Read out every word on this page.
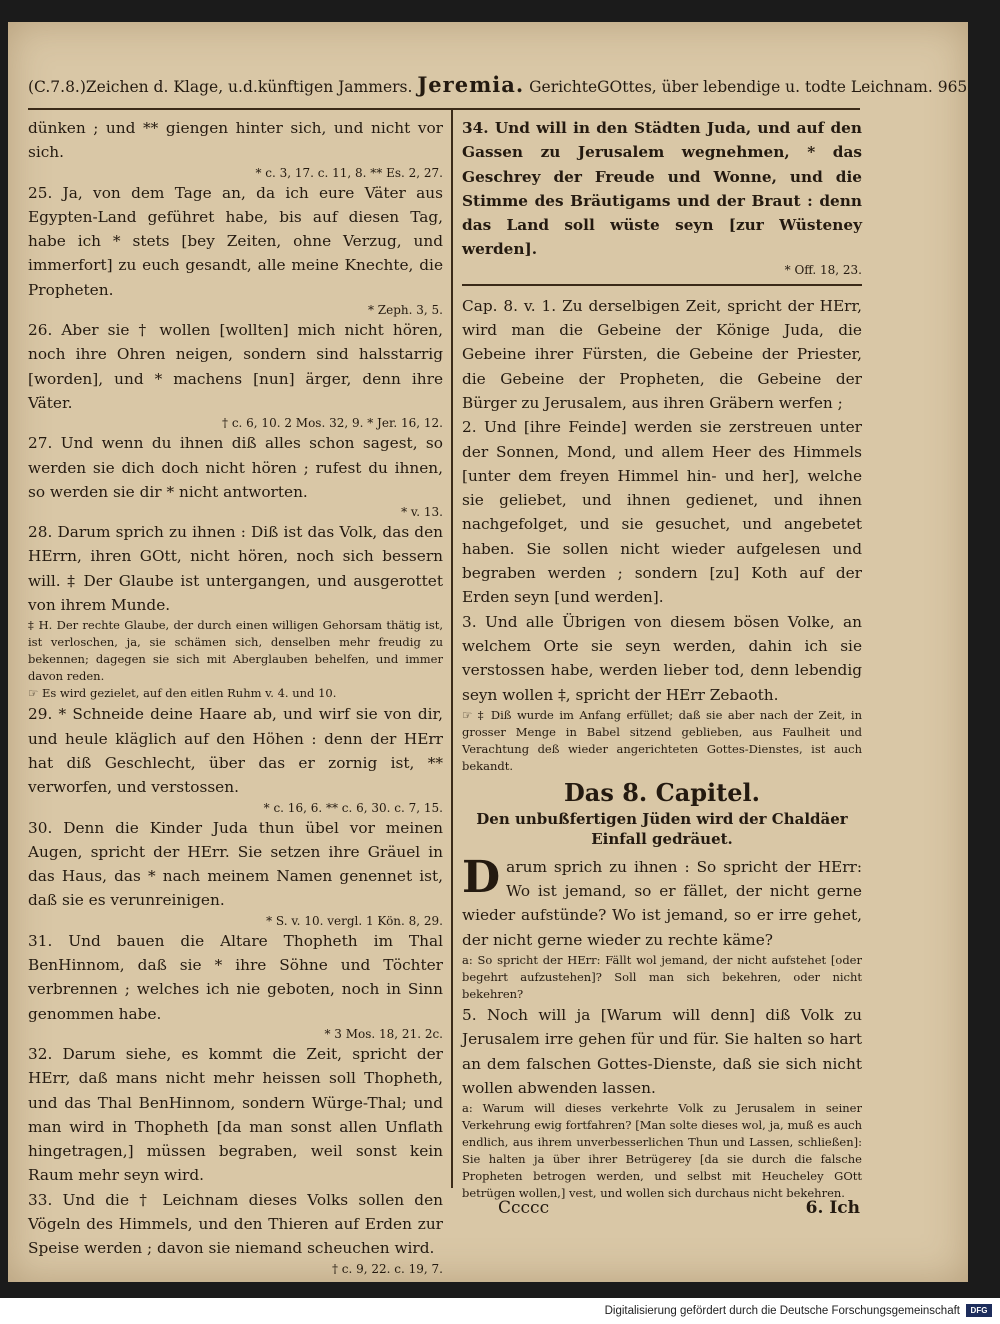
(C.7.8.)Zeichen d. Klage, u.d.künftigen Jammers. Jeremia. GerichteGOttes, über lebendige u. todte Leichnam. 965

dünken ; und ** giengen hinter sich, und nicht vor sich.

* c. 3, 17. c. 11, 8. ** Es. 2, 27.

25. Ja, von dem Tage an, da ich eure Väter aus Egypten-Land geführet habe, bis auf diesen Tag, habe ich * stets [bey Zeiten, ohne Verzug, und immerfort] zu euch gesandt, alle meine Knechte, die Propheten.

* Zeph. 3, 5.

26. Aber sie † wollen [wollten] mich nicht hören, noch ihre Ohren neigen, sondern sind halsstarrig [worden], und * machens [nun] ärger, denn ihre Väter.

† c. 6, 10. 2 Mos. 32, 9. * Jer. 16, 12.

27. Und wenn du ihnen diß alles schon sagest, so werden sie dich doch nicht hören ; rufest du ihnen, so werden sie dir * nicht antworten.

* v. 13.

28. Darum sprich zu ihnen : Diß ist das Volk, das den HErrn, ihren GOtt, nicht hören, noch sich bessern will. ‡ Der Glaube ist untergangen, und ausgerottet von ihrem Munde.

‡ H. Der rechte Glaube, der durch einen willigen Gehorsam thätig ist, ist verloschen, ja, sie schämen sich, denselben mehr freudig zu bekennen; dagegen sie sich mit Aberglauben behelfen, und immer davon reden.

☞ Es wird gezielet, auf den eitlen Ruhm v. 4. und 10.

29. * Schneide deine Haare ab, und wirf sie von dir, und heule kläglich auf den Höhen : denn der HErr hat diß Geschlecht, über das er zornig ist, ** verworfen, und verstossen.

* c. 16, 6. ** c. 6, 30. c. 7, 15.

30. Denn die Kinder Juda thun übel vor meinen Augen, spricht der HErr. Sie setzen ihre Gräuel in das Haus, das * nach meinem Namen genennet ist, daß sie es verunreinigen.

* S. v. 10. vergl. 1 Kön. 8, 29.

31. Und bauen die Altare Thopheth im Thal BenHinnom, daß sie * ihre Söhne und Töchter verbrennen ; welches ich nie geboten, noch in Sinn genommen habe.

* 3 Mos. 18, 21. 2c.

32. Darum siehe, es kommt die Zeit, spricht der HErr, daß mans nicht mehr heissen soll Thopheth, und das Thal BenHinnom, sondern Würge-Thal; und man wird in Thopheth [da man sonst allen Unflath hingetragen,] müssen begraben, weil sonst kein Raum mehr seyn wird.

33. Und die † Leichnam dieses Volks sollen den Vögeln des Himmels, und den Thieren auf Erden zur Speise werden ; davon sie niemand scheuchen wird.

† c. 9, 22. c. 19, 7.

34. Und will in den Städten Juda, und auf den Gassen zu Jerusalem wegnehmen, * das Geschrey der Freude und Wonne, und die Stimme des Bräutigams und der Braut : denn das Land soll wüste seyn [zur Wüsteney werden].

* Off. 18, 23.

Cap. 8. v. 1. Zu derselbigen Zeit, spricht der HErr, wird man die Gebeine der Könige Juda, die Gebeine ihrer Fürsten, die Gebeine der Priester, die Gebeine der Propheten, die Gebeine der Bürger zu Jerusalem, aus ihren Gräbern werfen ;

2. Und [ihre Feinde] werden sie zerstreuen unter der Sonnen, Mond, und allem Heer des Himmels [unter dem freyen Himmel hin- und her], welche sie geliebet, und ihnen gedienet, und ihnen nachgefolget, und sie gesuchet, und angebetet haben. Sie sollen nicht wieder aufgelesen und begraben werden ; sondern [zu] Koth auf der Erden seyn [und werden].

3. Und alle Übrigen von diesem bösen Volke, an welchem Orte sie seyn werden, dahin ich sie verstossen habe, werden lieber tod, denn lebendig seyn wollen ‡, spricht der HErr Zebaoth.

☞ ‡ Diß wurde im Anfang erfüllet; daß sie aber nach der Zeit, in grosser Menge in Babel sitzend geblieben, aus Faulheit und Verachtung deß wieder angerichteten Gottes-Dienstes, ist auch bekandt.

Das 8. Capitel.
Den unbußfertigen Jüden wird der Chaldäer Einfall gedräuet.

Darum sprich zu ihnen : So spricht der HErr: Wo ist jemand, so er fället, der nicht gerne wieder aufstünde? Wo ist jemand, so er irre gehet, der nicht gerne wieder zu rechte käme?

a: So spricht der HErr: Fällt wol jemand, der nicht aufstehet [oder begehrt aufzustehen]? Soll man sich bekehren, oder nicht bekehren?

5. Noch will ja [Warum will denn] diß Volk zu Jerusalem irre gehen für und für. Sie halten so hart an dem falschen Gottes-Dienste, daß sie sich nicht wollen abwenden lassen.

a: Warum will dieses verkehrte Volk zu Jerusalem in seiner Verkehrung ewig fortfahren? [Man solte dieses wol, ja, muß es auch endlich, aus ihrem unverbesserlichen Thun und Lassen, schließen]: Sie halten ja über ihrer Betrügerey [da sie durch die falsche Propheten betrogen werden, und selbst mit Heucheley GOtt betrügen wollen,] vest, und wollen sich durchaus nicht bekehren.

Ccccc	6. Ich
Digitalisierung gefördert durch die Deutsche Forschungsgemeinschaft	DFG
